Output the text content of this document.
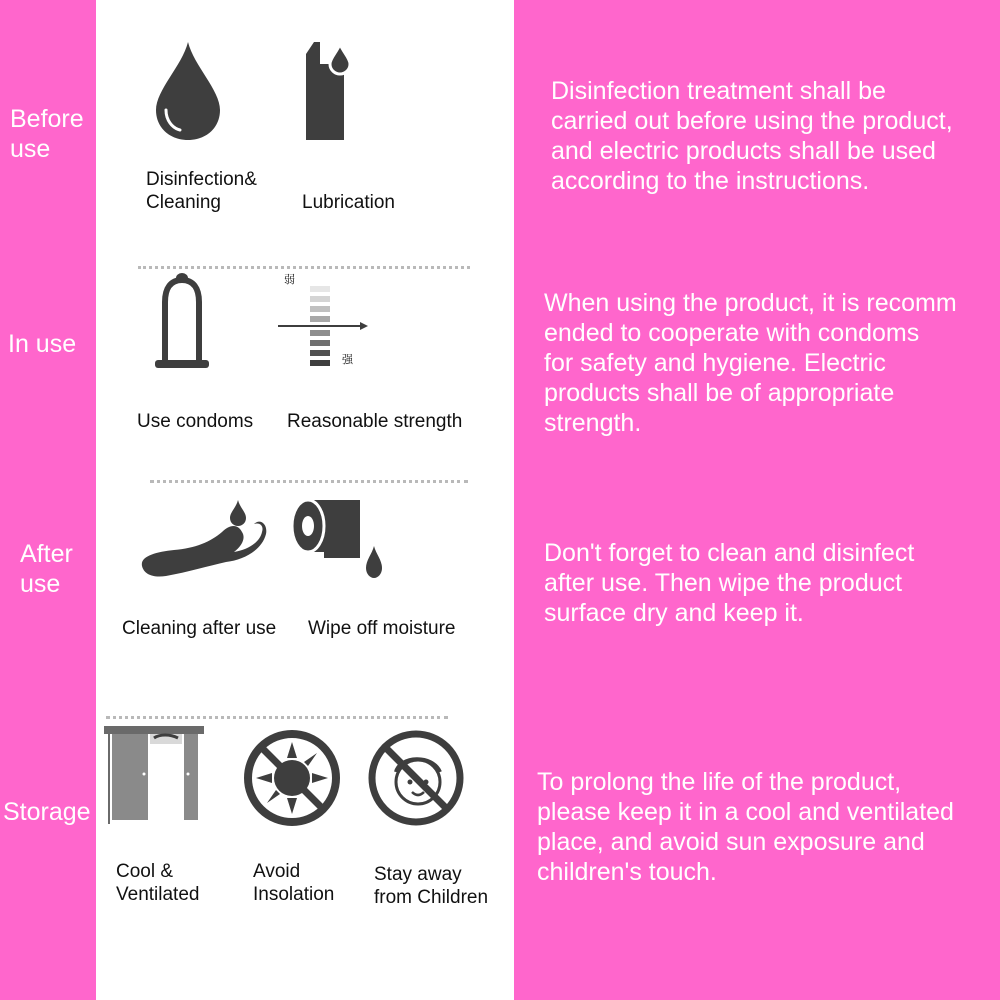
Before
use
In use
After
use
Storage
Disinfection treatment shall be
carried out before using the product,
and electric products shall be used
according to the instructions.
When using the product, it is recomm
ended to cooperate with condoms
for safety and hygiene. Electric
products shall be of appropriate
strength.
Don't forget to clean and disinfect
after use. Then wipe the product
surface dry and keep it.
To prolong the life of the product,
please keep it in a cool and ventilated
place, and avoid sun exposure and
children's touch.
Disinfection&
Cleaning	Lubrication
Use condoms
弱
强
Reasonable strength
Cleaning after use Wipe off moisture
Cool &
Ventilated
Avoid
Insolation
Stay away
from Children
